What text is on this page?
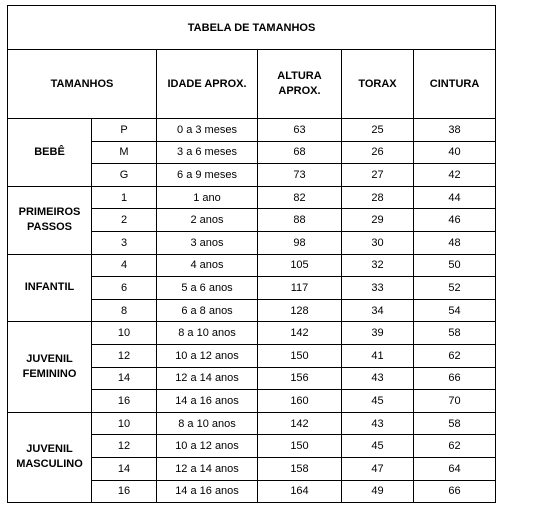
TABELA DE TAMANHOS					
TAMANHOS		IDADE APROX.	ALTURA APROX.	TORAX	CINTURA
BEBÊ	P	0 a 3 meses	63	25	38
	M	3 a 6 meses	68	26	40
	G	6 a 9 meses	73	27	42
PRIMEIROS PASSOS	1	1 ano	82	28	44
	2	2 anos	88	29	46
	3	3 anos	98	30	48
INFANTIL	4	4 anos	105	32	50
	6	5 a 6 anos	117	33	52
	8	6 a 8 anos	128	34	54
JUVENIL FEMININO	10	8 a 10 anos	142	39	58
	12	10 a 12 anos	150	41	62
	14	12 a 14 anos	156	43	66
	16	14 a 16 anos	160	45	70
JUVENIL MASCULINO	10	8 a 10 anos	142	43	58
	12	10 a 12 anos	150	45	62
	14	12 a 14 anos	158	47	64
	16	14 a 16 anos	164	49	66
